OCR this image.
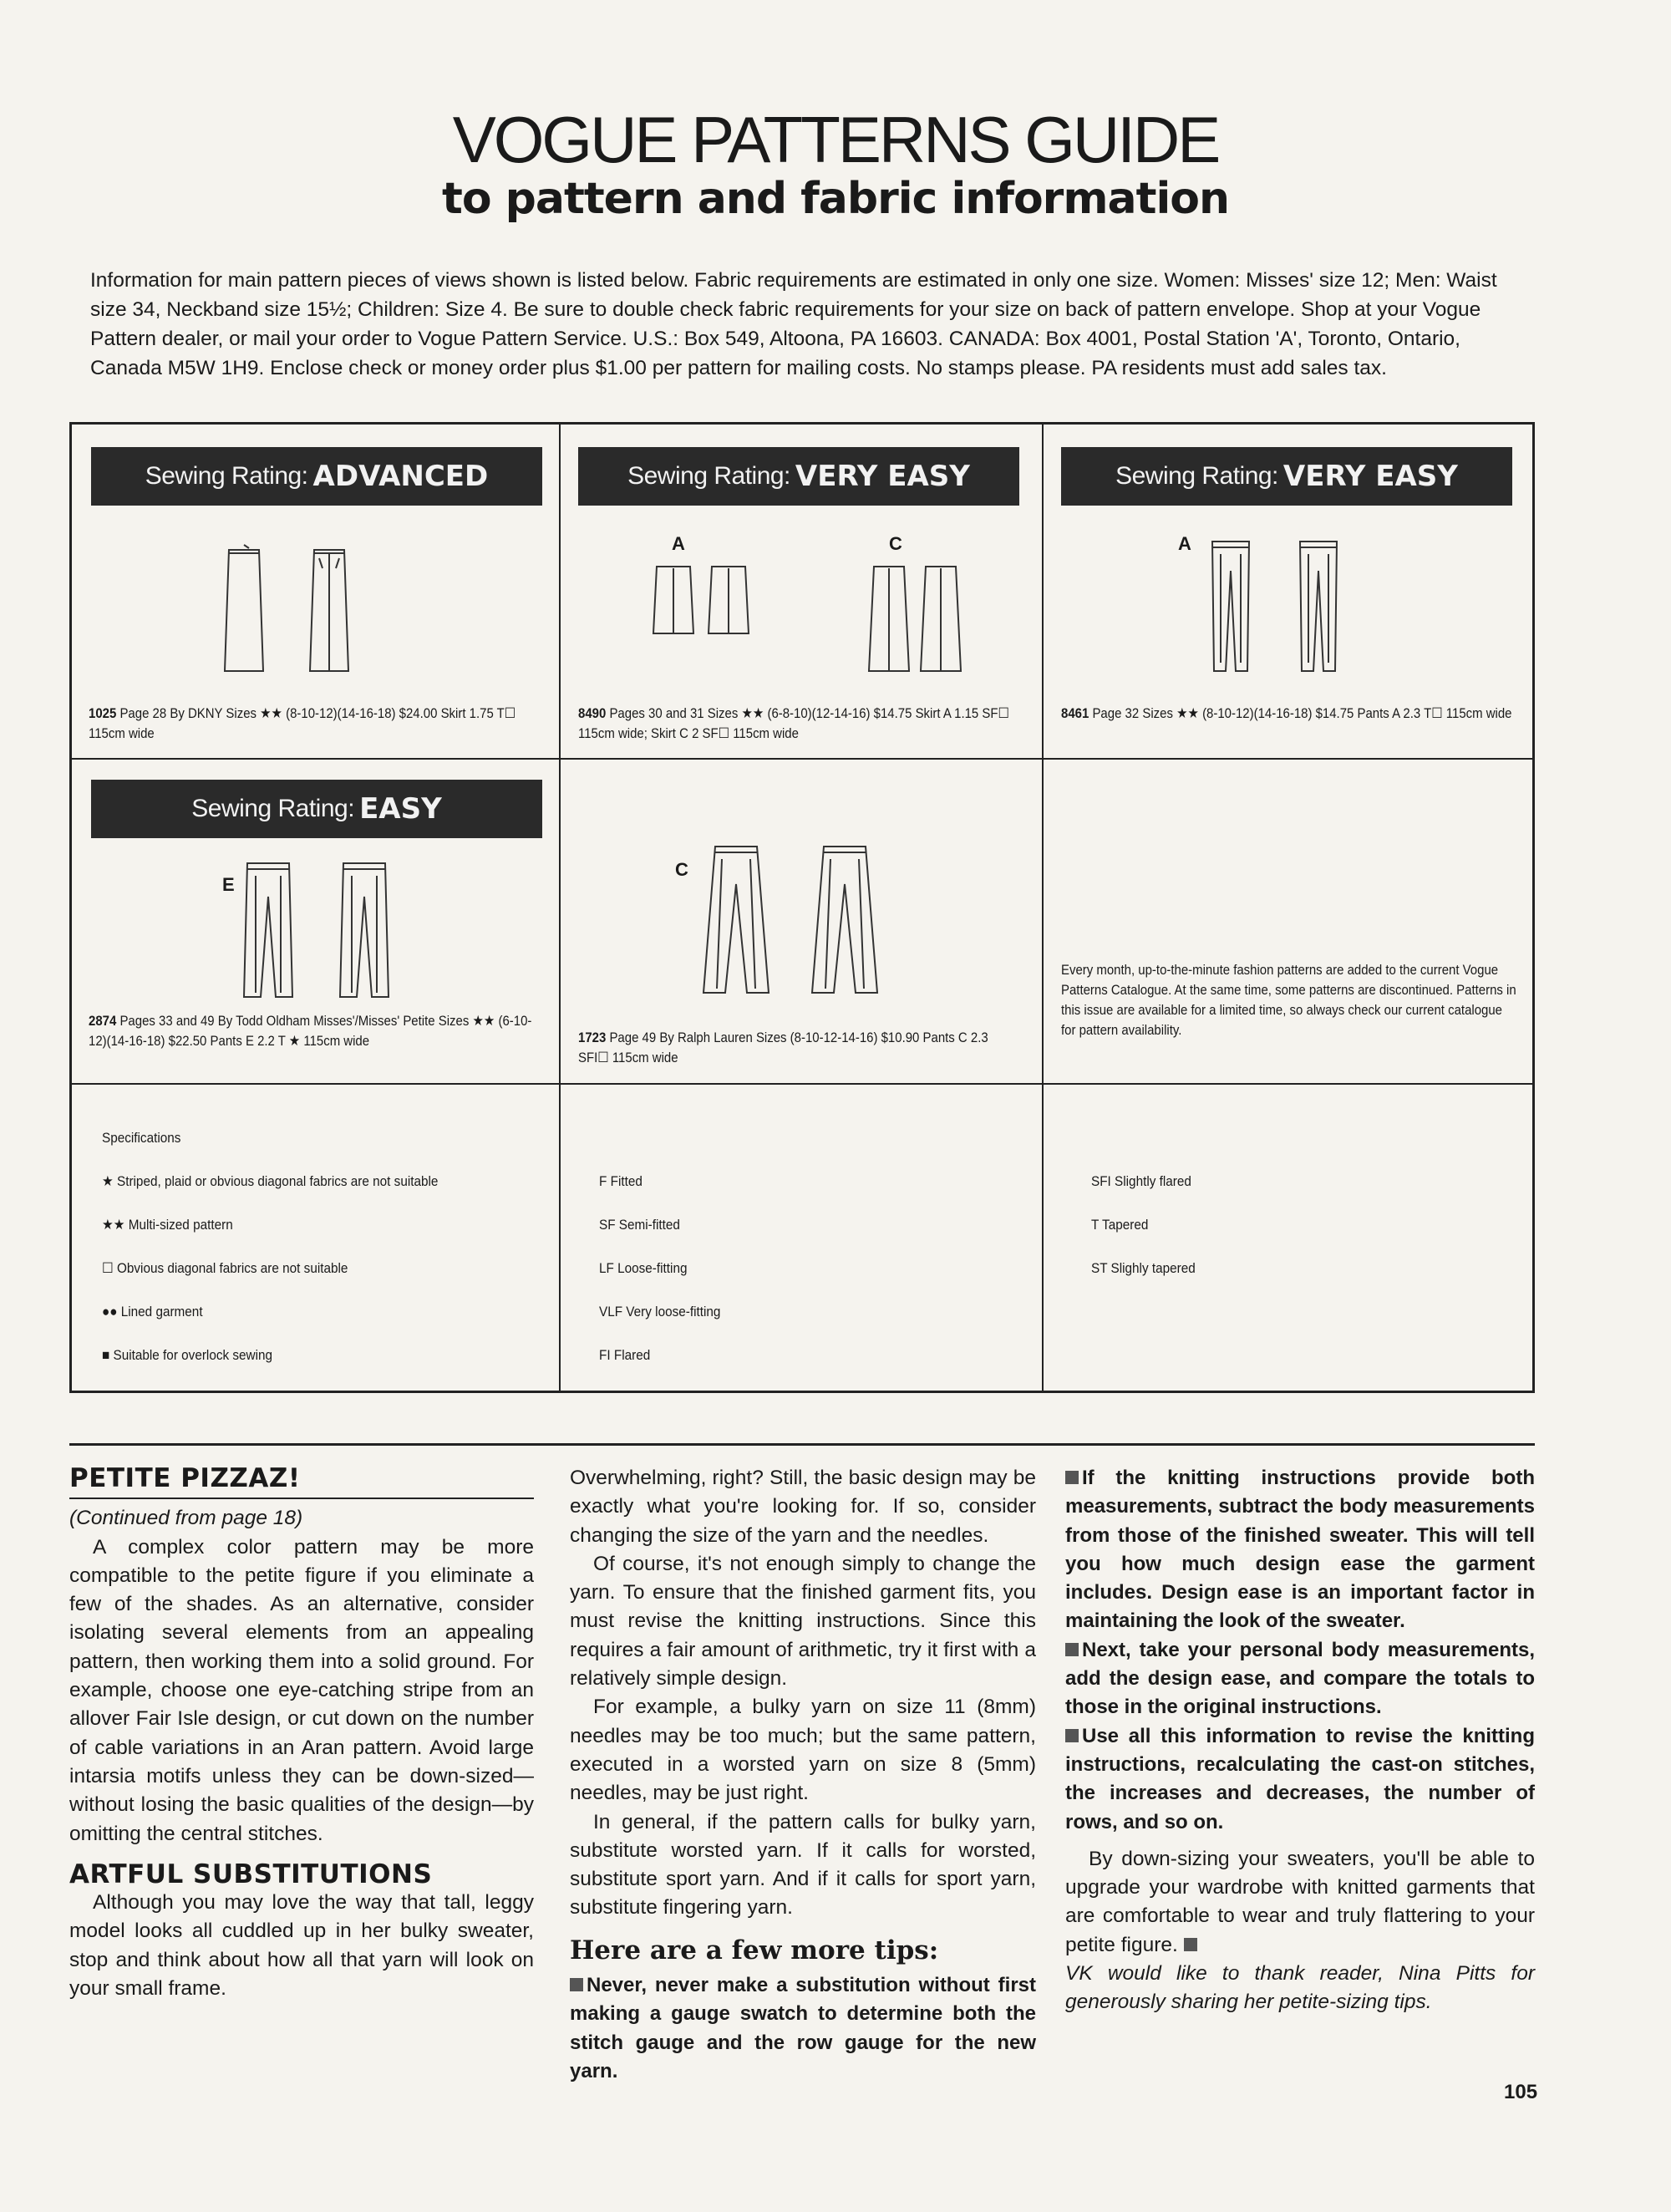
VOGUE PATTERNS GUIDE
to pattern and fabric information
Information for main pattern pieces of views shown is listed below. Fabric requirements are estimated in only one size. Women: Misses' size 12; Men: Waist size 34, Neckband size 15½; Children: Size 4. Be sure to double check fabric requirements for your size on back of pattern envelope. Shop at your Vogue Pattern dealer, or mail your order to Vogue Pattern Service. U.S.: Box 549, Altoona, PA 16603. CANADA: Box 4001, Postal Station 'A', Toronto, Ontario, Canada M5W 1H9. Enclose check or money order plus $1.00 per pattern for mailing costs. No stamps please. PA residents must add sales tax.
Sewing Rating: ADVANCED
1025 Page 28 By DKNY Sizes ★★ (8-10-12)(14-16-18) $24.00 Skirt 1.75 T☐ 115cm wide
Sewing Rating: VERY EASY
A	C
8490 Pages 30 and 31 Sizes ★★ (6-8-10)(12-14-16) $14.75 Skirt A 1.15 SF☐ 115cm wide; Skirt C 2 SF☐ 115cm wide
Sewing Rating: VERY EASY
A
8461 Page 32 Sizes ★★ (8-10-12)(14-16-18) $14.75 Pants A 2.3 T☐ 115cm wide
Sewing Rating: EASY
E
2874 Pages 33 and 49 By Todd Oldham Misses'/Misses' Petite Sizes ★★ (6-10-12)(14-16-18) $22.50 Pants E 2.2 T ★ 115cm wide
C
1723 Page 49 By Ralph Lauren Sizes (8-10-12-14-16) $10.90 Pants C 2.3 SFI☐ 115cm wide
Every month, up-to-the-minute fashion patterns are added to the current Vogue Patterns Catalogue. At the same time, some patterns are discontinued. Patterns in this issue are available for a limited time, so always check our current catalogue for pattern availability.
Specifications
★ Striped, plaid or obvious diagonal fabrics are not suitable
★★ Multi-sized pattern
☐ Obvious diagonal fabrics are not suitable
●● Lined garment
■ Suitable for overlock sewing
F Fitted
SF Semi-fitted
LF Loose-fitting
VLF Very loose-fitting
FI Flared
SFI Slightly flared
T Tapered
ST Slighly tapered
PETITE PIZZAZ!

(Continued from page 18)

A complex color pattern may be more compatible to the petite figure if you eliminate a few of the shades. As an alternative, consider isolating several elements from an appealing pattern, then working them into a solid ground. For example, choose one eye-catching stripe from an allover Fair Isle design, or cut down on the number of cable variations in an Aran pattern. Avoid large intarsia motifs unless they can be down-sized—without losing the basic qualities of the design—by omitting the central stitches.

ARTFUL SUBSTITUTIONS

Although you may love the way that tall, leggy model looks all cuddled up in her bulky sweater, stop and think about how all that yarn will look on your small frame.

Overwhelming, right? Still, the basic design may be exactly what you're looking for. If so, consider changing the size of the yarn and the needles.

Of course, it's not enough simply to change the yarn. To ensure that the finished garment fits, you must revise the knitting instructions. Since this requires a fair amount of arithmetic, try it first with a relatively simple design.

For example, a bulky yarn on size 11 (8mm) needles may be too much; but the same pattern, executed in a worsted yarn on size 8 (5mm) needles, may be just right.

In general, if the pattern calls for bulky yarn, substitute worsted yarn. If it calls for worsted, substitute sport yarn. And if it calls for sport yarn, substitute fingering yarn.

Here are a few more tips:

Never, never make a substitution without first making a gauge swatch to determine both the stitch gauge and the row gauge for the new yarn.

If the knitting instructions provide both measurements, subtract the body measurements from those of the finished sweater. This will tell you how much design ease the garment includes. Design ease is an important factor in maintaining the look of the sweater.

Next, take your personal body measurements, add the design ease, and compare the totals to those in the original instructions.

Use all this information to revise the knitting instructions, recalculating the cast-on stitches, the increases and decreases, the number of rows, and so on.

By down-sizing your sweaters, you'll be able to upgrade your wardrobe with knitted garments that are comfortable to wear and truly flattering to your petite figure.

VK would like to thank reader, Nina Pitts for generously sharing her petite-sizing tips.

105
